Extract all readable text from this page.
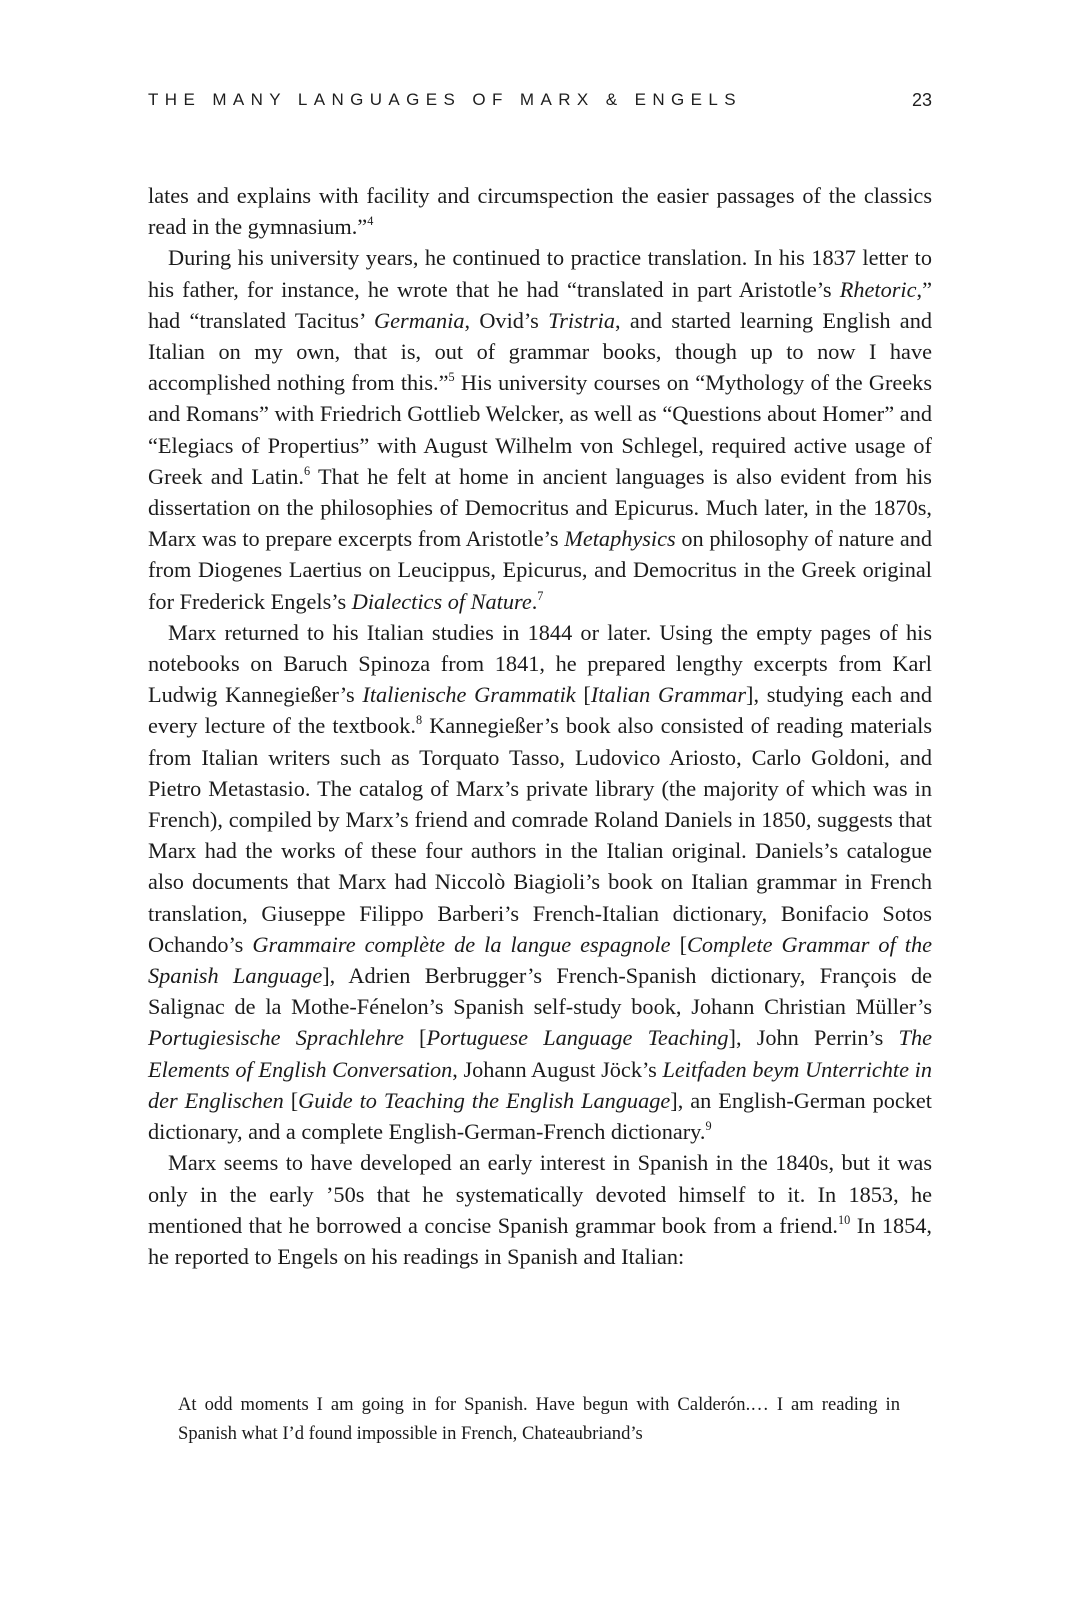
THE MANY LANGUAGES OF MARX & ENGELS	23

lates and explains with facility and circumspection the easier passages of the classics read in the gymnasium.”$^4$

During his university years, he continued to practice translation. In his 1837 letter to his father, for instance, he wrote that he had “translated in part Aristotle’s Rhetoric,” had “translated Tacitus’ Germania, Ovid’s Tristria, and started learning English and Italian on my own, that is, out of grammar books, though up to now I have accomplished nothing from this.”$^5$ His university courses on “Mythology of the Greeks and Romans” with Friedrich Gottlieb Welcker, as well as “Questions about Homer” and “Elegiacs of Propertius” with August Wilhelm von Schlegel, required active usage of Greek and Latin.$^6$ That he felt at home in ancient languages is also evident from his dissertation on the philosophies of Democritus and Epicurus. Much later, in the 1870s, Marx was to prepare excerpts from Aristotle’s Metaphysics on philosophy of nature and from Diogenes Laertius on Leucippus, Epicurus, and Democritus in the Greek original for Frederick Engels’s Dialectics of Nature.$^7$

Marx returned to his Italian studies in 1844 or later. Using the empty pages of his notebooks on Baruch Spinoza from 1841, he prepared lengthy excerpts from Karl Ludwig Kannegießer’s Italienische Grammatik [Italian Grammar], studying each and every lecture of the textbook.$^8$ Kannegießer’s book also consisted of reading materials from Italian writers such as Torquato Tasso, Ludovico Ariosto, Carlo Goldoni, and Pietro Metastasio. The catalog of Marx’s private library (the majority of which was in French), compiled by Marx’s friend and comrade Roland Daniels in 1850, suggests that Marx had the works of these four authors in the Italian original. Daniels’s catalogue also documents that Marx had Niccolò Biagioli’s book on Italian grammar in French translation, Giuseppe Filippo Barberi’s French-Italian dictionary, Bonifacio Sotos Ochando’s Grammaire complète de la langue espagnole [Complete Grammar of the Spanish Language], Adrien Berbrugger’s French-Spanish dictionary, François de Salignac de la Mothe-Fénelon’s Spanish self-study book, Johann Christian Müller’s Portugiesische Sprachlehre [Portuguese Language Teaching], John Perrin’s The Elements of English Conversation, Johann August Jöck’s Leitfaden beym Unterrichte in der Englischen [Guide to Teaching the English Language], an English-German pocket dictionary, and a complete English-German-French dictionary.$^9$

Marx seems to have developed an early interest in Spanish in the 1840s, but it was only in the early ’50s that he systematically devoted himself to it. In 1853, he mentioned that he borrowed a concise Spanish grammar book from a friend.$^{10}$ In 1854, he reported to Engels on his readings in Spanish and Italian:

At odd moments I am going in for Spanish. Have begun with Calderón.… I am reading in Spanish what I’d found impossible in French, Chateaubriand’s
